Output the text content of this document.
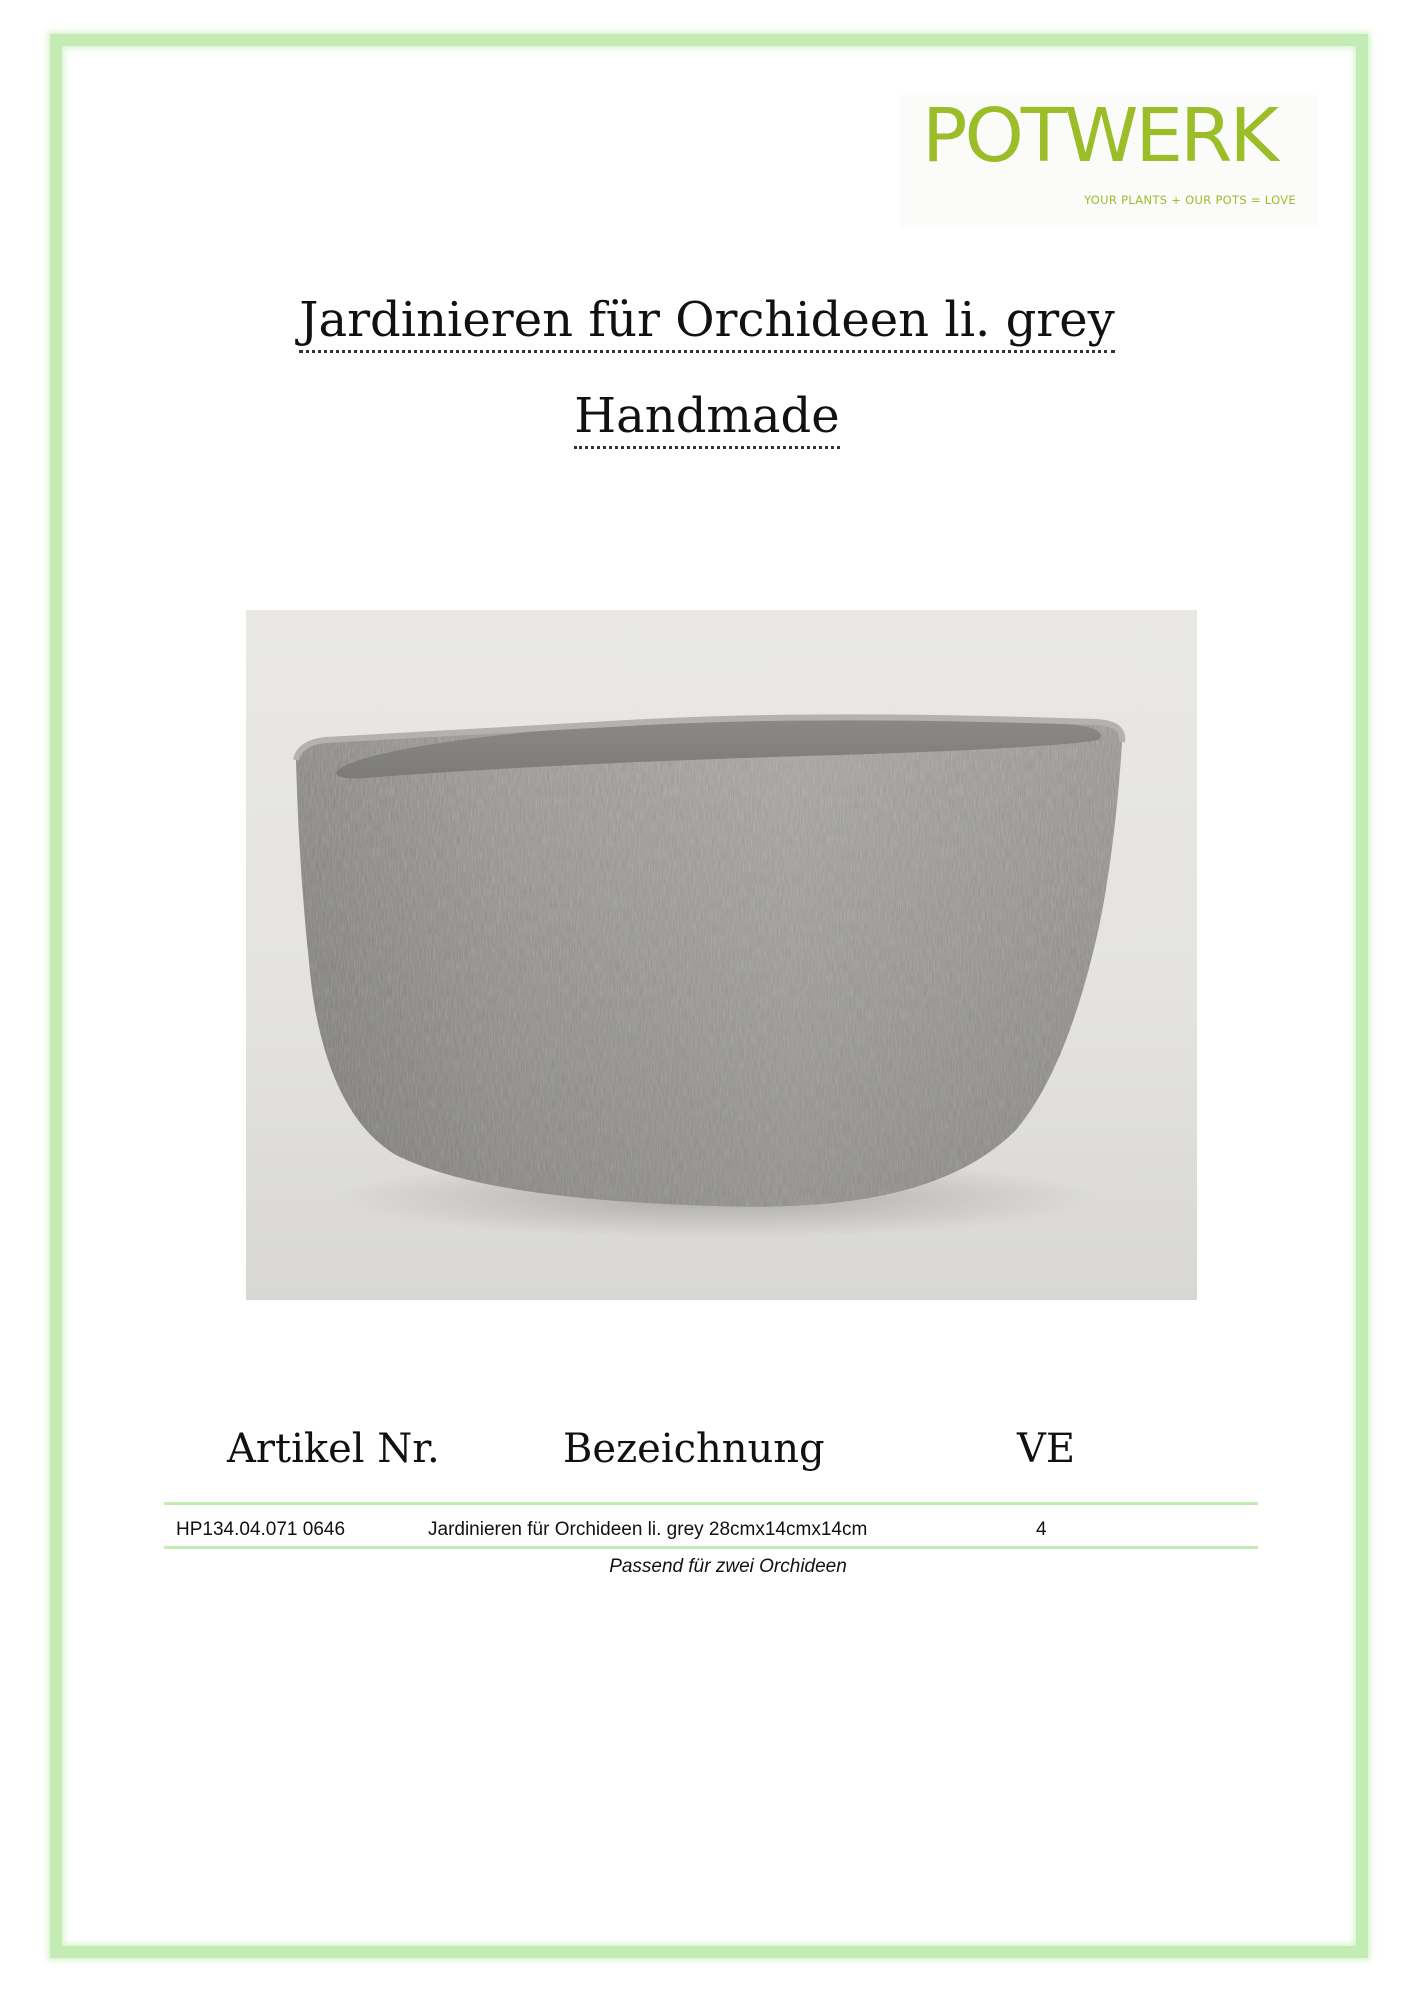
POTWERK
YOUR PLANTS + OUR POTS = LOVE
Jardinieren für Orchideen li. grey
Handmade
Artikel Nr.	Bezeichnung	VE
HP134.04.071 0646	Jardinieren für Orchideen li. grey 28cmx14cmx14cm	4
Passend für zwei Orchideen
